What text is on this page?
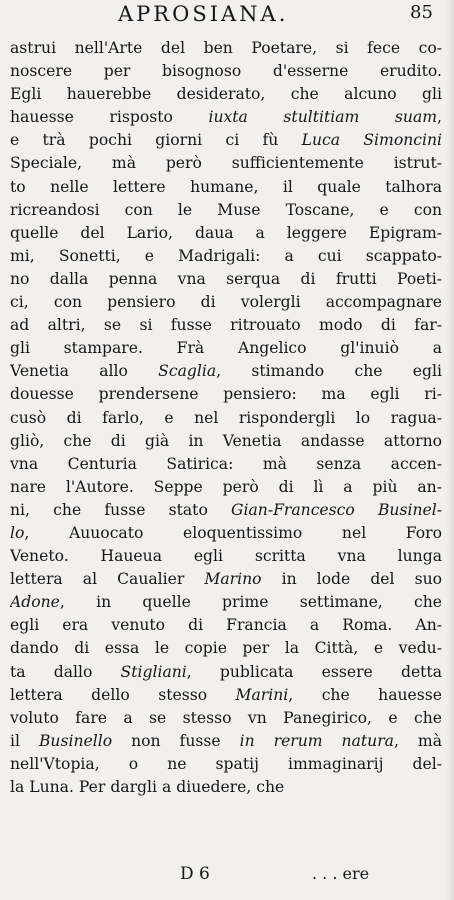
APROSIANA.	85
astrui nell'Arte del ben Poetare, si fece co-
noscere per bisognoso d'esserne erudito.
Egli hauerebbe desiderato, che alcuno gli
hauesse risposto iuxta stultitiam suam,
e trà pochi giorni ci fù Luca Simoncini
Speciale, mà però sufficientemente istrut-
to nelle lettere humane, il quale talhora
ricreandosi con le Muse Toscane, e con
quelle del Lario, daua a leggere Epigram-
mi, Sonetti, e Madrigali: a cui scappato-
no dalla penna vna serqua di frutti Poeti-
ci, con pensiero di volergli accompagnare
ad altri, se si fusse ritrouato modo di far-
gli stampare. Frà Angelico gl'inuiò a
Venetia allo Scaglia, stimando che egli
douesse prendersene pensiero: ma egli ri-
cusò di farlo, e nel rispondergli lo ragua-
gliò, che di già in Venetia andasse attorno
vna Centuria Satirica: mà senza accen-
nare l'Autore. Seppe però di lì a più an-
ni, che fusse stato Gian-Francesco Businel-
lo, Auuocato eloquentissimo nel Foro
Veneto. Haueua egli scritta vna lunga
lettera al Caualier Marino in lode del suo
Adone, in quelle prime settimane, che
egli era venuto di Francia a Roma. An-
dando di essa le copie per la Città, e vedu-
ta dallo Stigliani, publicata essere detta
lettera dello stesso Marini, che hauesse
voluto fare a se stesso vn Panegirico, e che
il Businello non fusse in rerum natura, mà
nell'Vtopia, o ne spatij immaginarij del-
la Luna. Per dargli a diuedere, che
D 6	. . . ere
